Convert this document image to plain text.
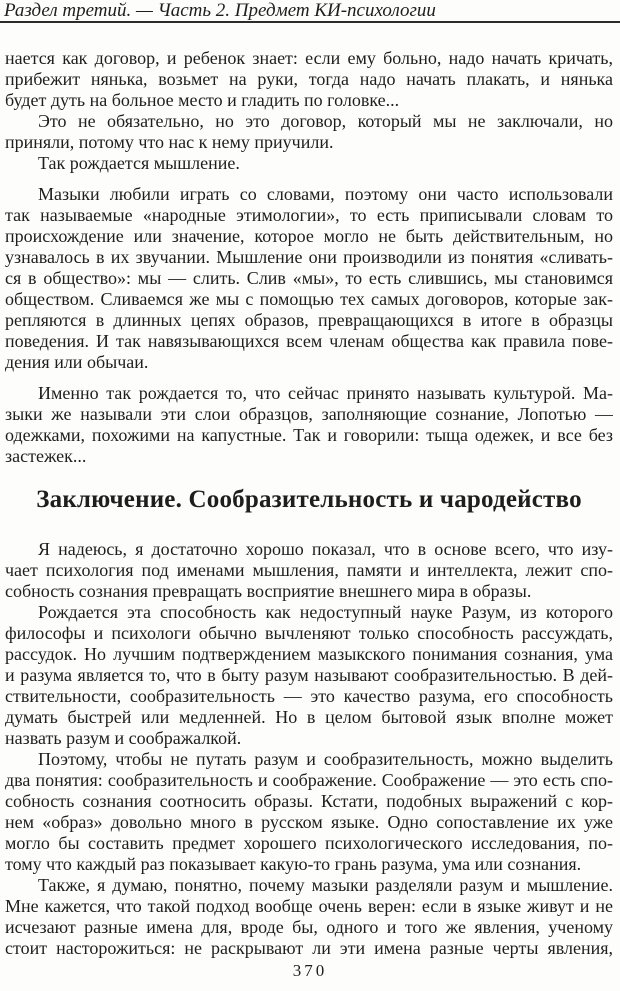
Раздел третий. — Часть 2. Предмет КИ-психологии
нается как договор, и ребенок знает: если ему больно, надо начать кричать,
прибежит нянька, возьмет на руки, тогда надо начать плакать, и нянька
будет дуть на больное место и гладить по головке...
Это не обязательно, но это договор, который мы не заключали, но
приняли, потому что нас к нему приучили.
Так рождается мышление.
Мазыки любили играть со словами, поэтому они часто использовали
так называемые «народные этимологии», то есть приписывали словам то
происхождение или значение, которое могло не быть действительным, но
узнавалось в их звучании. Мышление они производили из понятия «сливать-
ся в общество»: мы — слить. Слив «мы», то есть слившись, мы становимся
обществом. Сливаемся же мы с помощью тех самых договоров, которые зак-
репляются в длинных цепях образов, превращающихся в итоге в образцы
поведения. И так навязывающихся всем членам общества как правила пове-
дения или обычаи.
Именно так рождается то, что сейчас принято называть культурой. Ма-
зыки же называли эти слои образцов, заполняющие сознание, Лопотью —
одежками, похожими на капустные. Так и говорили: тыща одежек, и все без
застежек...
Заключение. Сообразительность и чародейство
Я надеюсь, я достаточно хорошо показал, что в основе всего, что изу-
чает психология под именами мышления, памяти и интеллекта, лежит спо-
собность сознания превращать восприятие внешнего мира в образы.
Рождается эта способность как недоступный науке Разум, из которого
философы и психологи обычно вычленяют только способность рассуждать,
рассудок. Но лучшим подтверждением мазыкского понимания сознания, ума
и разума является то, что в быту разум называют сообразительностью. В дей-
ствительности, сообразительность — это качество разума, его способность
думать быстрей или медленней. Но в целом бытовой язык вполне может
назвать разум и соображалкой.
Поэтому, чтобы не путать разум и сообразительность, можно выделить
два понятия: сообразительность и соображение. Соображение — это есть спо-
собность сознания соотносить образы. Кстати, подобных выражений с кор-
нем «образ» довольно много в русском языке. Одно сопоставление их уже
могло бы составить предмет хорошего психологического исследования, по-
тому что каждый раз показывает какую-то грань разума, ума или сознания.
Также, я думаю, понятно, почему мазыки разделяли разум и мышление.
Мне кажется, что такой подход вообще очень верен: если в языке живут и не
исчезают разные имена для, вроде бы, одного и того же явления, ученому
стоит насторожиться: не раскрывают ли эти имена разные черты явления,
370
